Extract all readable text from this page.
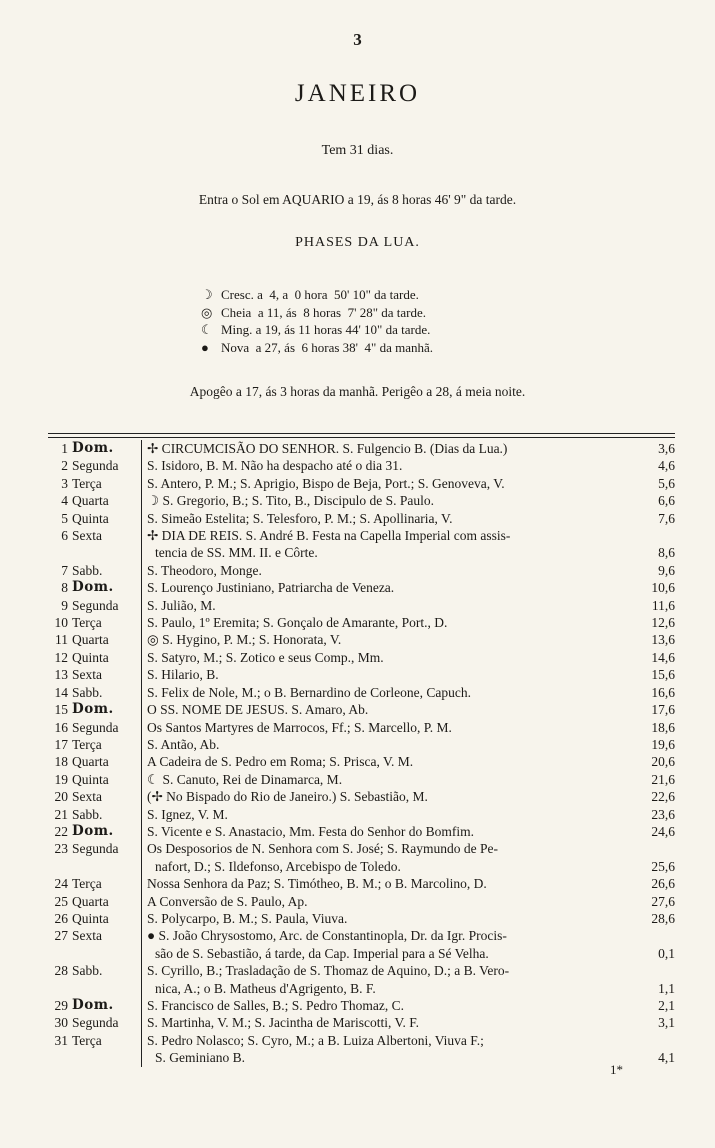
3
JANEIRO
Tem 31 dias.
Entra o Sol em AQUARIO a 19, ás 8 horas 46' 9" da tarde.
PHASES DA LUA.
☽ Cresc. a  4, a  0 hora  50' 10" da tarde.
◎ Cheia  a 11, ás  8 horas  7' 28" da tarde.
☾ Ming. a 19, ás 11 horas 44' 10" da tarde.
● Nova  a 27, ás  6 horas 38'  4" da manhã.
Apogêo a 17, ás 3 horas da manhã. Perigêo a 28, á meia noite.
1 Dom.	✢ CIRCUMCISÃO DO SENHOR. S. Fulgencio B. (Dias da Lua.)	3,6
2 Segunda	S. Isidoro, B. M. Não ha despacho até o dia 31.	4,6
3 Terça	S. Antero, P. M.; S. Aprigio, Bispo de Beja, Port.; S. Genoveva, V.	5,6
4 Quarta	☽ S. Gregorio, B.; S. Tito, B., Discipulo de S. Paulo.	6,6
5 Quinta	S. Simeão Estelita; S. Telesforo, P. M.; S. Apollinaria, V.	7,6
6 Sexta	✢ DIA DE REIS. S. André B. Festa na Capella Imperial com assis-
tencia de SS. MM. II. e Côrte.	8,6
7 Sabb.	S. Theodoro, Monge.	9,6
8 Dom.	S. Lourenço Justiniano, Patriarcha de Veneza.	10,6
9 Segunda	S. Julião, M.	11,6
10 Terça	S. Paulo, 1º Eremita; S. Gonçalo de Amarante, Port., D.	12,6
11 Quarta	◎ S. Hygino, P. M.; S. Honorata, V.	13,6
12 Quinta	S. Satyro, M.; S. Zotico e seus Comp., Mm.	14,6
13 Sexta	S. Hilario, B.	15,6
14 Sabb.	S. Felix de Nole, M.; o B. Bernardino de Corleone, Capuch.	16,6
15 Dom.	O SS. NOME DE JESUS. S. Amaro, Ab.	17,6
16 Segunda	Os Santos Martyres de Marrocos, Ff.; S. Marcello, P. M.	18,6
17 Terça	S. Antão, Ab.	19,6
18 Quarta	A Cadeira de S. Pedro em Roma; S. Prisca, V. M.	20,6
19 Quinta	☾ S. Canuto, Rei de Dinamarca, M.	21,6
20 Sexta	(✢ No Bispado do Rio de Janeiro.) S. Sebastião, M.	22,6
21 Sabb.	S. Ignez, V. M.	23,6
22 Dom.	S. Vicente e S. Anastacio, Mm. Festa do Senhor do Bomfim.	24,6
23 Segunda	Os Desposorios de N. Senhora com S. José; S. Raymundo de Pe-
nafort, D.; S. Ildefonso, Arcebispo de Toledo.	25,6
24 Terça	Nossa Senhora da Paz; S. Timótheo, B. M.; o B. Marcolino, D.	26,6
25 Quarta	A Conversão de S. Paulo, Ap.	27,6
26 Quinta	S. Polycarpo, B. M.; S. Paula, Viuva.	28,6
27 Sexta	● S. João Chrysostomo, Arc. de Constantinopla, Dr. da Igr. Procis-
são de S. Sebastião, á tarde, da Cap. Imperial para a Sé Velha.	0,1
28 Sabb.	S. Cyrillo, B.; Trasladação de S. Thomaz de Aquino, D.; a B. Vero-
nica, A.; o B. Matheus d'Agrigento, B. F.	1,1
29 Dom.	S. Francisco de Salles, B.; S. Pedro Thomaz, C.	2,1
30 Segunda	S. Martinha, V. M.; S. Jacintha de Mariscotti, V. F.	3,1
31 Terça	S. Pedro Nolasco; S. Cyro, M.; a B. Luiza Albertoni, Viuva F.;
S. Geminiano B.	4,1
1*
